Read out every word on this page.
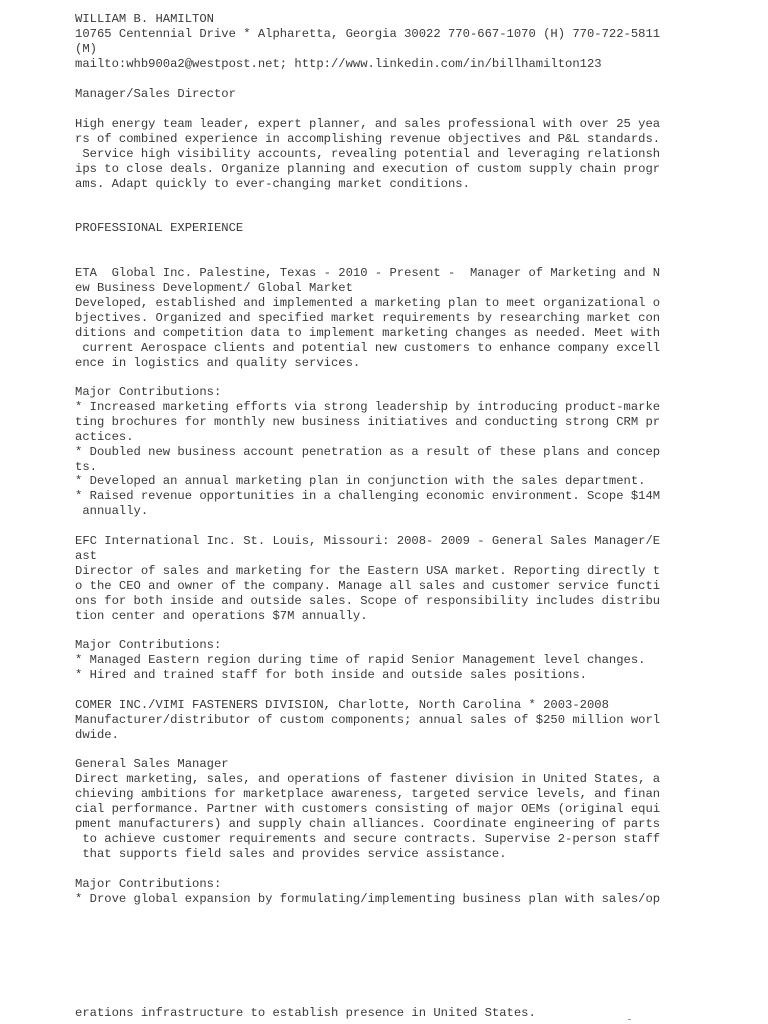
WILLIAM B. HAMILTON

10765 Centennial Drive * Alpharetta, Georgia 30022 770-667-1070 (H) 770-722-5811

(M)

mailto:whb900a2@westpost.net; http://www.linkedin.com/in/billhamilton123

Manager/Sales Director

High energy team leader, expert planner, and sales professional with over 25 yea

rs of combined experience in accomplishing revenue objectives and P&L standards.

Service high visibility accounts, revealing potential and leveraging relationsh

ips to close deals. Organize planning and execution of custom supply chain progr

ams. Adapt quickly to ever-changing market conditions.

PROFESSIONAL EXPERIENCE

ETA  Global Inc. Palestine, Texas - 2010 - Present -  Manager of Marketing and N

ew Business Development/ Global Market

Developed, established and implemented a marketing plan to meet organizational o

bjectives. Organized and specified market requirements by researching market con

ditions and competition data to implement marketing changes as needed. Meet with

current Aerospace clients and potential new customers to enhance company excell

ence in logistics and quality services.

Major Contributions:

* Increased marketing efforts via strong leadership by introducing product-marke

ting brochures for monthly new business initiatives and conducting strong CRM pr

actices.

* Doubled new business account penetration as a result of these plans and concep

ts.

* Developed an annual marketing plan in conjunction with the sales department.

* Raised revenue opportunities in a challenging economic environment. Scope $14M

annually.

EFC International Inc. St. Louis, Missouri: 2008- 2009 - General Sales Manager/E

ast

Director of sales and marketing for the Eastern USA market. Reporting directly t

o the CEO and owner of the company. Manage all sales and customer service functi

ons for both inside and outside sales. Scope of responsibility includes distribu

tion center and operations $7M annually.

Major Contributions:

* Managed Eastern region during time of rapid Senior Management level changes.

* Hired and trained staff for both inside and outside sales positions.

COMER INC./VIMI FASTENERS DIVISION, Charlotte, North Carolina * 2003-2008

Manufacturer/distributor of custom components; annual sales of $250 million worl

dwide.

General Sales Manager

Direct marketing, sales, and operations of fastener division in United States, a

chieving ambitions for marketplace awareness, targeted service levels, and finan

cial performance. Partner with customers consisting of major OEMs (original equi

pment manufacturers) and supply chain alliances. Coordinate engineering of parts

to achieve customer requirements and secure contracts. Supervise 2-person staff

that supports field sales and provides service assistance.

Major Contributions:

* Drove global expansion by formulating/implementing business plan with sales/op

erations infrastructure to establish presence in United States.
